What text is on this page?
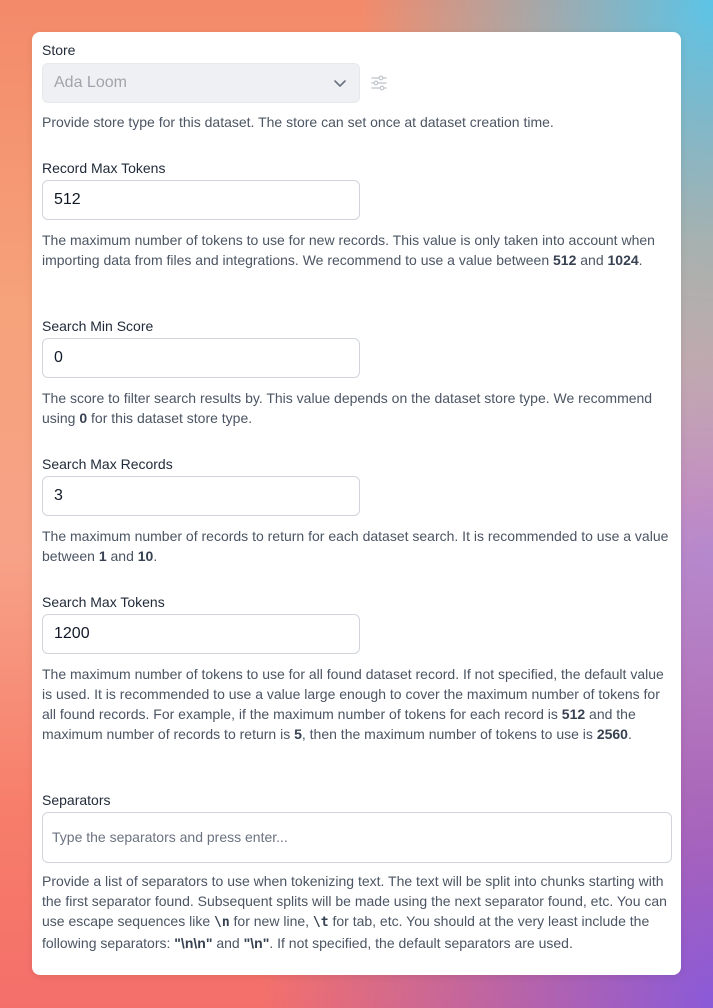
Store
Ada Loom
Provide store type for this dataset. The store can set once at dataset creation time.
Record Max Tokens
512
The maximum number of tokens to use for new records. This value is only taken into account when importing data from files and integrations. We recommend to use a value between 512 and 1024.
Search Min Score
0
The score to filter search results by. This value depends on the dataset store type. We recommend using 0 for this dataset store type.
Search Max Records
3
The maximum number of records to return for each dataset search. It is recommended to use a value between 1 and 10.
Search Max Tokens
1200
The maximum number of tokens to use for all found dataset record. If not specified, the default value is used. It is recommended to use a value large enough to cover the maximum number of tokens for all found records. For example, if the maximum number of tokens for each record is 512 and the maximum number of records to return is 5, then the maximum number of tokens to use is 2560.
Separators
Type the separators and press enter...
Provide a list of separators to use when tokenizing text. The text will be split into chunks starting with the first separator found. Subsequent splits will be made using the next separator found, etc. You can use escape sequences like \n for new line, \t for tab, etc. You should at the very least include the following separators: "\n\n" and "\n". If not specified, the default separators are used.
